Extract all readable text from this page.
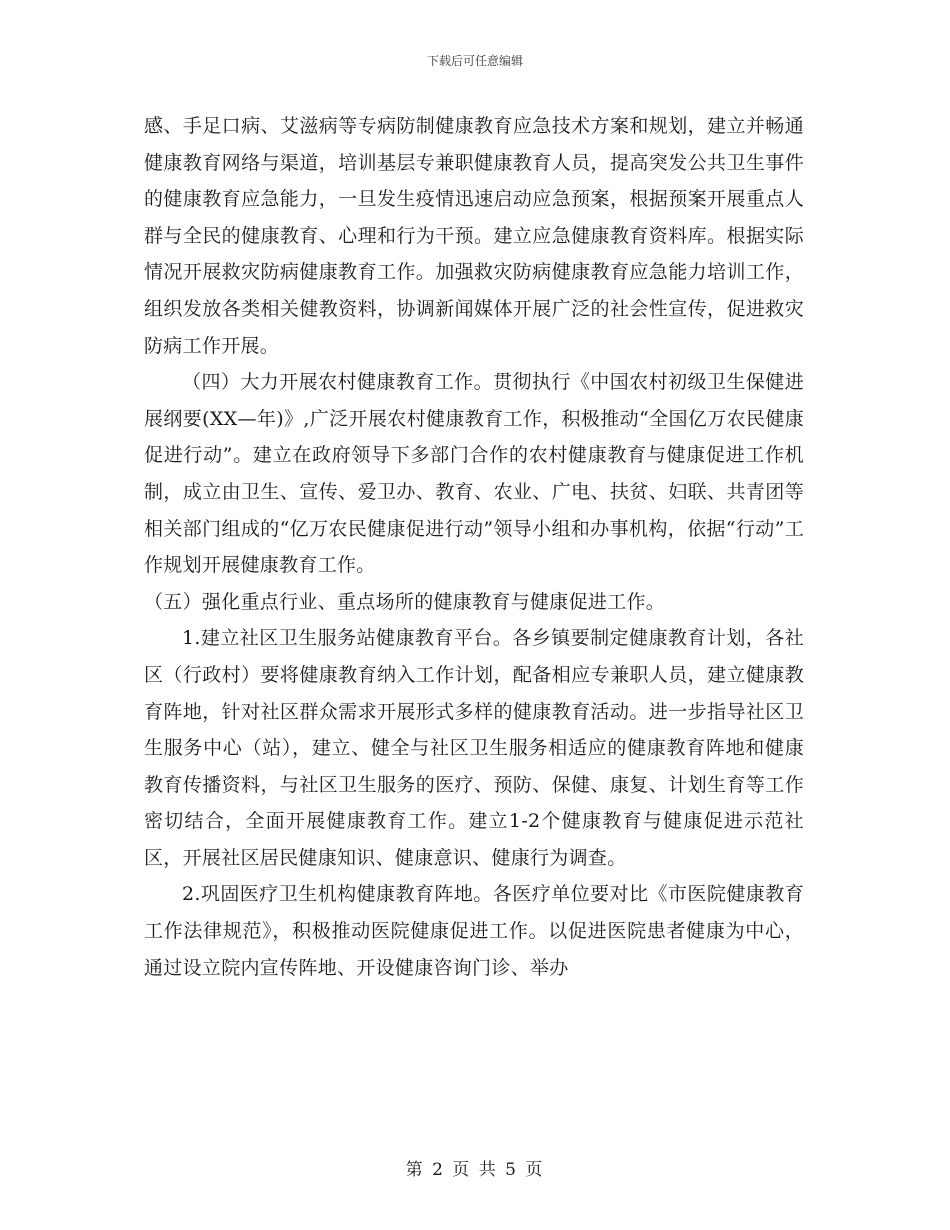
下载后可任意编辑

感、手足口病、艾滋病等专病防制健康教育应急技术方案和规划，建立并畅通健康教育网络与渠道，培训基层专兼职健康教育人员，提高突发公共卫生事件的健康教育应急能力，一旦发生疫情迅速启动应急预案，根据预案开展重点人群与全民的健康教育、心理和行为干预。建立应急健康教育资料库。根据实际情况开展救灾防病健康教育工作。加强救灾防病健康教育应急能力培训工作，组织发放各类相关健教资料，协调新闻媒体开展广泛的社会性宣传，促进救灾防病工作开展。

（四）大力开展农村健康教育工作。贯彻执行《中国农村初级卫生保健进展纲要(XX—年)》,广泛开展农村健康教育工作，积极推动“全国亿万农民健康促进行动”。建立在政府领导下多部门合作的农村健康教育与健康促进工作机制，成立由卫生、宣传、爱卫办、教育、农业、广电、扶贫、妇联、共青团等相关部门组成的“亿万农民健康促进行动”领导小组和办事机构，依据“行动”工作规划开展健康教育工作。

（五）强化重点行业、重点场所的健康教育与健康促进工作。

1.建立社区卫生服务站健康教育平台。各乡镇要制定健康教育计划，各社区（行政村）要将健康教育纳入工作计划，配备相应专兼职人员，建立健康教育阵地，针对社区群众需求开展形式多样的健康教育活动。进一步指导社区卫生服务中心（站），建立、健全与社区卫生服务相适应的健康教育阵地和健康教育传播资料，与社区卫生服务的医疗、预防、保健、康复、计划生育等工作密切结合，全面开展健康教育工作。建立1-2个健康教育与健康促进示范社区，开展社区居民健康知识、健康意识、健康行为调查。

2.巩固医疗卫生机构健康教育阵地。各医疗单位要对比《市医院健康教育工作法律规范》，积极推动医院健康促进工作。以促进医院患者健康为中心，通过设立院内宣传阵地、开设健康咨询门诊、举办

第 2 页 共 5 页
